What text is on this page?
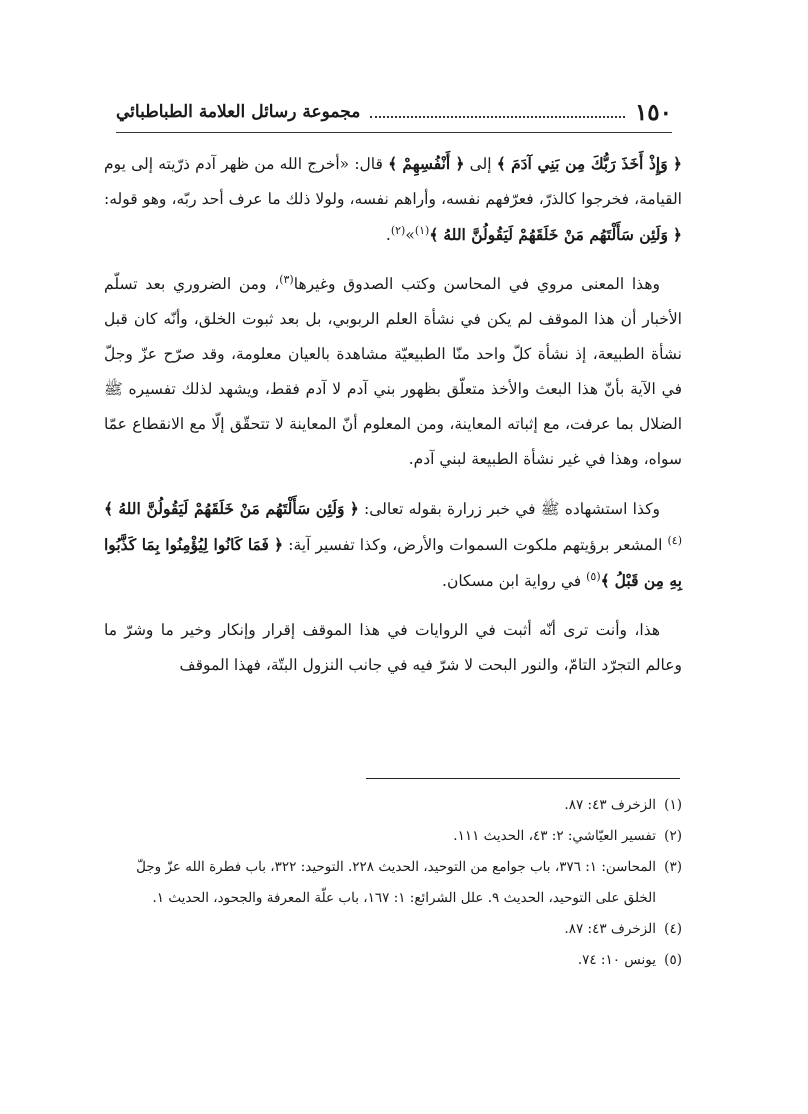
١٥٠
مجموعة رسائل العلامة الطباطبائي

﴿ وَإِذْ أَخَذَ رَبُّكَ مِن بَنِي آدَمَ ﴾ إلى ﴿ أَنْفُسِهِمْ ﴾ قال: «أخرج الله من ظهر آدم ذرّيته إلى يوم القيامة، فخرجوا كالذرّ، فعرّفهم نفسه، وأراهم نفسه، ولولا ذلك ما عرف أحد ربّه، وهو قوله: ﴿ وَلَئِن سَأَلْتَهُم مَنْ خَلَقَهُمْ لَيَقُولُنَّ اللهُ ﴾$^{(١)}$»$^{(٢)}$.

وهذا المعنى مروي في المحاسن وكتب الصدوق وغيرها$^{(٣)}$، ومن الضروري بعد تسلّم الأخبار أن هذا الموقف لم يكن في نشأة العلم الربوبي، بل بعد ثبوت الخلق، وأنّه كان قبل نشأة الطبيعة، إذ نشأة كلّ واحد منّا الطبيعيّة مشاهدة بالعيان معلومة، وقد صرّح عزّ وجلّ في الآية بأنّ هذا البعث والأخذ متعلّق بظهور بني آدم لا آدم فقط، ويشهد لذلك تفسيره ﷺ الضلال بما عرفت، مع إثباته المعاينة، ومن المعلوم أنّ المعاينة لا تتحقّق إلّا مع الانقطاع عمّا سواه، وهذا في غير نشأة الطبيعة لبني آدم.

وكذا استشهاده ﷺ في خبر زرارة بقوله تعالى: ﴿ وَلَئِن سَأَلْتَهُم مَنْ خَلَقَهُمْ لَيَقُولُنَّ اللهُ ﴾$^{(٤)}$ المشعر برؤيتهم ملكوت السموات والأرض، وكذا تفسير آية: ﴿ فَمَا كَانُوا لِيُؤْمِنُوا بِمَا كَذَّبُوا بِهِ مِن قَبْلُ ﴾$^{(٥)}$ في رواية ابن مسكان.

هذا، وأنت ترى أنّه أثبت في الروايات في هذا الموقف إقرار وإنكار وخير ما وشرّ ما وعالم التجرّد التامّ، والنور البحت لا شرّ فيه في جانب النزول البتّة، فهذا الموقف

(١)
الزخرف ٤٣: ٨٧.

(٢)
تفسير العيّاشي: ٢: ٤٣، الحديث ١١١.

(٣)
المحاسن: ١: ٣٧٦، باب جوامع من التوحيد، الحديث ٢٢٨. التوحيد: ٣٢٢، باب فطرة الله عزّ وجلّ الخلق على التوحيد، الحديث ٩. علل الشرائع: ١: ١٦٧، باب علّة المعرفة والجحود، الحديث ١.

(٤)
الزخرف ٤٣: ٨٧.

(٥)
يونس ١٠: ٧٤.
